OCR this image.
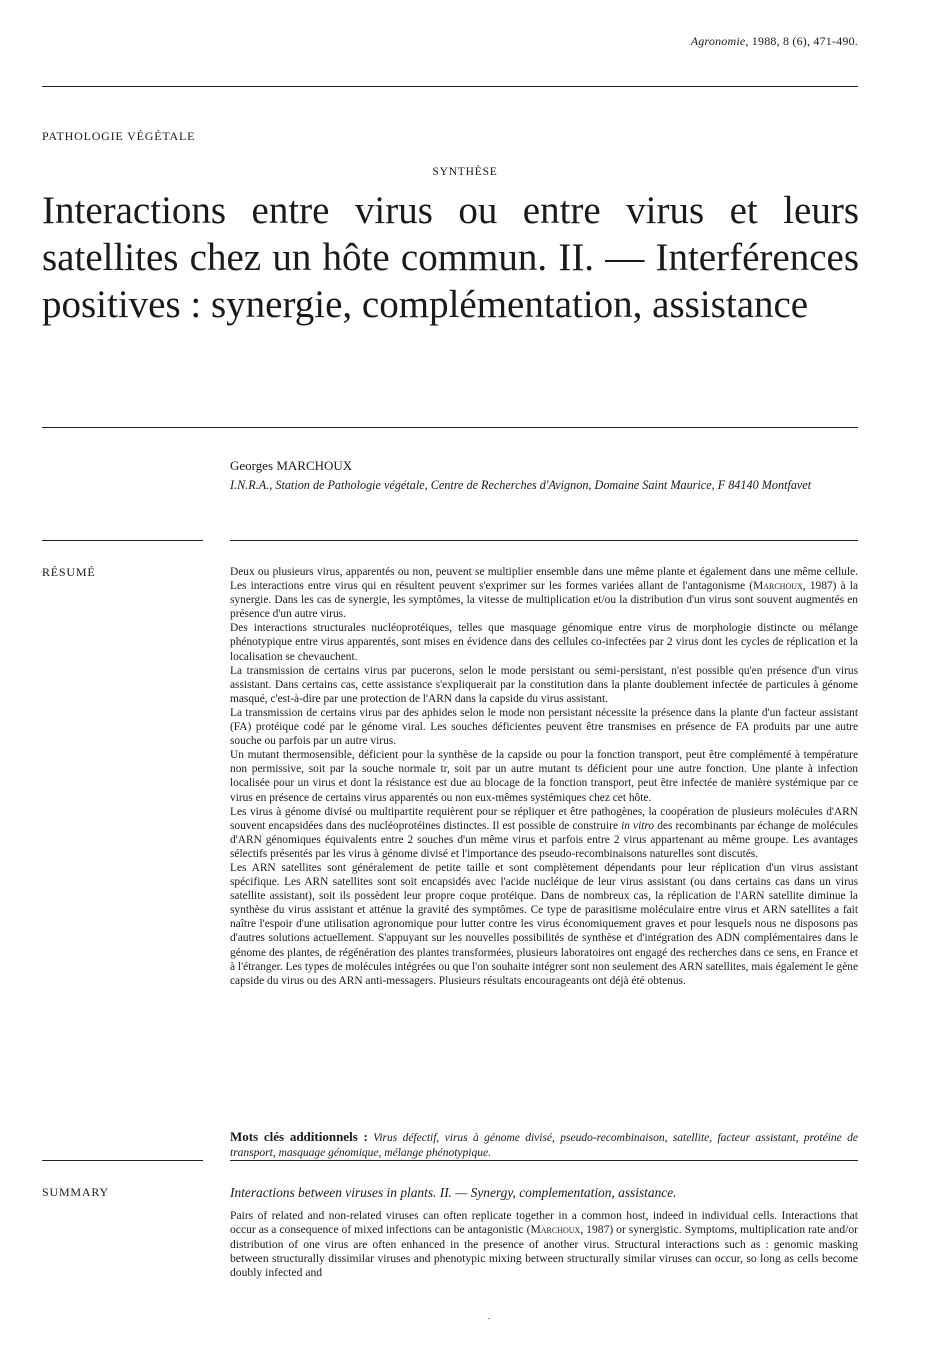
Agronomie, 1988, 8 (6), 471-490.
PATHOLOGIE VÉGÉTALE
SYNTHÈSE
Interactions entre virus ou entre virus et leurs satellites chez un hôte commun. II. — Interférences positives : synergie, complémentation, assistance
Georges MARCHOUX
I.N.R.A., Station de Pathologie végétale, Centre de Recherches d'Avignon, Domaine Saint Maurice, F 84140 Montfavet
RÉSUMÉ	Deux ou plusieurs virus, apparentés ou non, peuvent se multiplier ensemble dans une même plante et également dans une même cellule. Les interactions entre virus qui en résultent peuvent s'exprimer sur les formes variées allant de l'antagonisme (Marchoux, 1987) à la synergie. Dans les cas de synergie, les symptômes, la vitesse de multiplication et/ou la distribution d'un virus sont souvent augmentés en présence d'un autre virus.

Des interactions structurales nucléoprotéiques, telles que masquage génomique entre virus de morphologie distincte ou mélange phénotypique entre virus apparentés, sont mises en évidence dans des cellules co-infectées par 2 virus dont les cycles de réplication et la localisation se chevauchent.

La transmission de certains virus par pucerons, selon le mode persistant ou semi-persistant, n'est possible qu'en présence d'un virus assistant. Dans certains cas, cette assistance s'expliquerait par la constitution dans la plante doublement infectée de particules à génome masqué, c'est-à-dire par une protection de l'ARN dans la capside du virus assistant.

La transmission de certains virus par des aphides selon le mode non persistant nécessite la présence dans la plante d'un facteur assistant (FA) protéique codé par le génome viral. Les souches déficientes peuvent être transmises en présence de FA produits par une autre souche ou parfois par un autre virus.

Un mutant thermosensible, déficient pour la synthèse de la capside ou pour la fonction transport, peut être complémenté à température non permissive, soit par la souche normale tr, soit par un autre mutant ts déficient pour une autre fonction. Une plante à infection localisée pour un virus et dont la résistance est due au blocage de la fonction transport, peut être infectée de manière systémique par ce virus en présence de certains virus apparentés ou non eux-mêmes systémiques chez cet hôte.

Les virus à génome divisé ou multipartite requièrent pour se répliquer et être pathogènes, la coopération de plusieurs molécules d'ARN souvent encapsidées dans des nucléoprotéines distinctes. Il est possible de construire in vitro des recombinants par échange de molécules d'ARN génomiques équivalents entre 2 souches d'un même virus et parfois entre 2 virus appartenant au même groupe. Les avantages sélectifs présentés par les virus à génome divisé et l'importance des pseudo-recombinaisons naturelles sont discutés.

Les ARN satellites sont généralement de petite taille et sont complètement dépendants pour leur réplication d'un virus assistant spécifique. Les ARN satellites sont soit encapsidés avec l'acide nucléique de leur virus assistant (ou dans certains cas dans un virus satellite assistant), soit ils possèdent leur propre coque protéique. Dans de nombreux cas, la réplication de l'ARN satellite diminue la synthèse du virus assistant et atténue la gravité des symptômes. Ce type de parasitisme moléculaire entre virus et ARN satellites a fait naître l'espoir d'une utilisation agronomique pour lutter contre les virus économiquement graves et pour lesquels nous ne disposons pas d'autres solutions actuellement. S'appuyant sur les nouvelles possibilités de synthèse et d'intégration des ADN complémentaires dans le génome des plantes, de régénération des plantes transformées, plusieurs laboratoires ont engagé des recherches dans ce sens, en France et à l'étranger. Les types de molécules intégrées ou que l'on souhaite intégrer sont non seulement des ARN satellites, mais également le gène capside du virus ou des ARN anti-messagers. Plusieurs résultats encourageants ont déjà été obtenus.

Mots clés additionnels : Virus défectif, virus à génome divisé, pseudo-recombinaison, satellite, facteur assistant, protéine de transport, masquage génomique, mélange phénotypique.
SUMMARY	Interactions between viruses in plants. II. — Synergy, complementation, assistance.
Pairs of related and non-related viruses can often replicate together in a common host, indeed in individual cells. Interactions that occur as a consequence of mixed infections can be antagonistic (Marchoux, 1987) or synergistic. Symptoms, multiplication rate and/or distribution of one virus are often enhanced in the presence of another virus. Structural interactions such as : genomic masking between structurally dissimilar viruses and phenotypic mixing between structurally similar viruses can occur, so long as cells become doubly infected and
